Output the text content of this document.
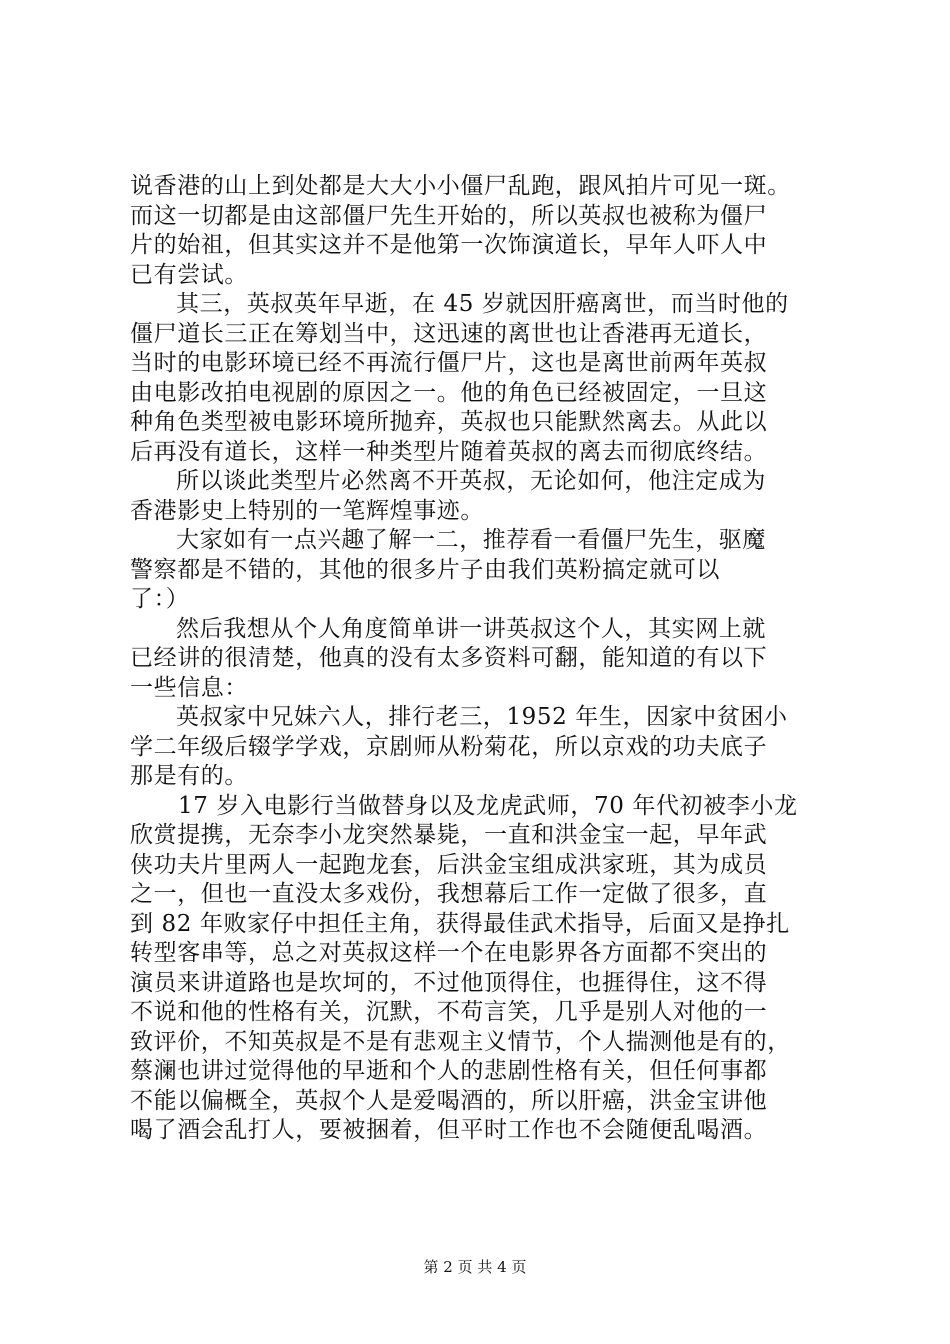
说香港的山上到处都是大大小小僵尸乱跑，跟风拍片可见一斑。
而这一切都是由这部僵尸先生开始的，所以英叔也被称为僵尸
片的始祖，但其实这并不是他第一次饰演道长，早年人吓人中
已有尝试。
其三，英叔英年早逝，在 45 岁就因肝癌离世，而当时他的
僵尸道长三正在筹划当中，这迅速的离世也让香港再无道长，
当时的电影环境已经不再流行僵尸片，这也是离世前两年英叔
由电影改拍电视剧的原因之一。他的角色已经被固定，一旦这
种角色类型被电影环境所抛弃，英叔也只能默然离去。从此以
后再没有道长，这样一种类型片随着英叔的离去而彻底终结。
所以谈此类型片必然离不开英叔，无论如何，他注定成为
香港影史上特别的一笔辉煌事迹。
大家如有一点兴趣了解一二，推荐看一看僵尸先生，驱魔
警察都是不错的，其他的很多片子由我们英粉搞定就可以
了：）
然后我想从个人角度简单讲一讲英叔这个人，其实网上就
已经讲的很清楚，他真的没有太多资料可翻，能知道的有以下
一些信息：
英叔家中兄妹六人，排行老三，1952 年生，因家中贫困小
学二年级后辍学学戏，京剧师从粉菊花，所以京戏的功夫底子
那是有的。
17 岁入电影行当做替身以及龙虎武师，70 年代初被李小龙
欣赏提携，无奈李小龙突然暴毙，一直和洪金宝一起，早年武
侠功夫片里两人一起跑龙套，后洪金宝组成洪家班，其为成员
之一，但也一直没太多戏份，我想幕后工作一定做了很多，直
到 82 年败家仔中担任主角，获得最佳武术指导，后面又是挣扎
转型客串等，总之对英叔这样一个在电影界各方面都不突出的
演员来讲道路也是坎坷的，不过他顶得住，也捱得住，这不得
不说和他的性格有关，沉默，不苟言笑，几乎是别人对他的一
致评价，不知英叔是不是有悲观主义情节，个人揣测他是有的，
蔡澜也讲过觉得他的早逝和个人的悲剧性格有关，但任何事都
不能以偏概全，英叔个人是爱喝酒的，所以肝癌，洪金宝讲他
喝了酒会乱打人，要被捆着，但平时工作也不会随便乱喝酒。
第 2 页 共 4 页
